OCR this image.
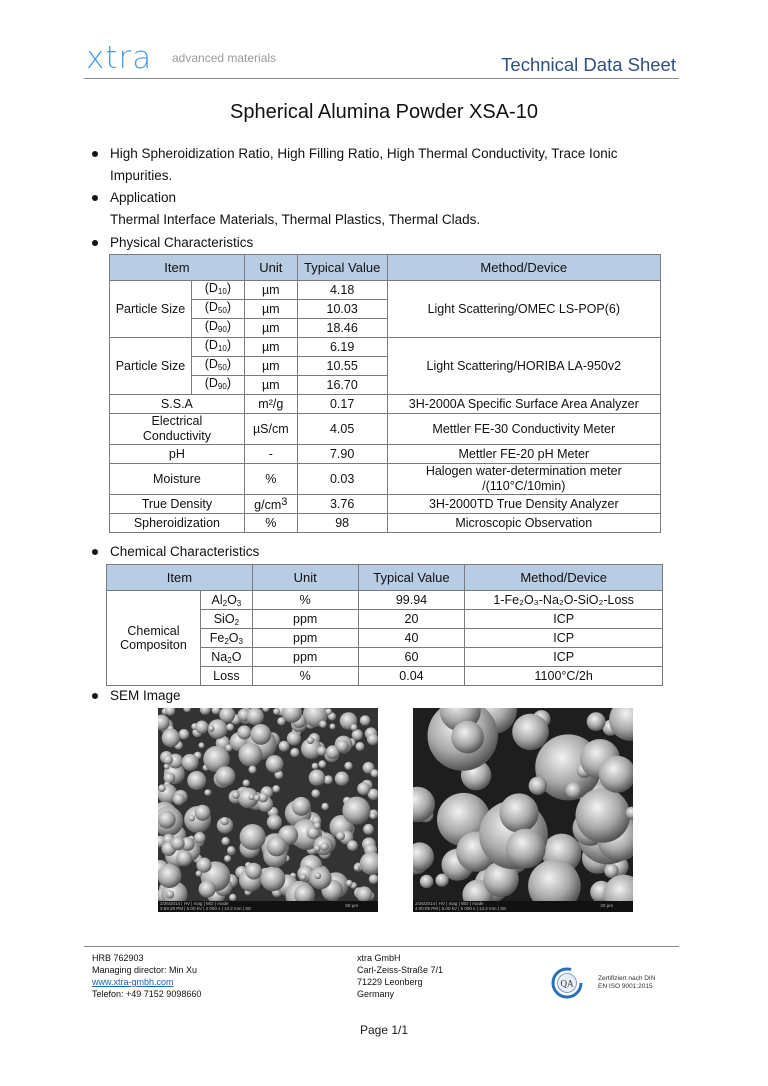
xtra advanced materials	Technical Data Sheet
Spherical Alumina Powder XSA-10
High Spheroidization Ratio, High Filling Ratio, High Thermal Conductivity, Trace Ionic
Impurities.
Application
Thermal Interface Materials, Thermal Plastics, Thermal Clads.
Physical Characteristics
Item		Unit	Typical Value	Method/Device
Particle Size	$(D_{10})$	µm	4.18	Light Scattering/OMEC LS-POP(6)
	$(D_{50})$	µm	10.03	
	$(D_{90})$	µm	18.46	
Particle Size	$(D_{10})$	µm	6.19	Light Scattering/HORIBA LA-950v2
	$(D_{50})$	µm	10.55	
	$(D_{90})$	µm	16.70	
S.S.A		m²/g	0.17	3H-2000A Specific Surface Area Analyzer

Electrical
Conductivity		µS/cm	4.05	Mettler FE-30 Conductivity Meter
pH		-	7.90	Mettler FE-20 pH Meter
Moisture		%	0.03	Halogen water-determination meter
/(110°C/10min)

True Density		g/cm3	3.76	3H-2000TD True Density Analyzer
Spheroidization		%	98	Microscopic Observation
Chemical Characteristics
Item		Unit	Typical Value	Method/Device

Chemical
Compositon	$Al_2O_3$	%	99.94	1-Fe₂O₃-Na₂O-SiO₂-Loss
	SiO$_2$	ppm	20	ICP
	$Fe_2O_3$	ppm	40	ICP
	$Na_2O$	ppm	60	ICP
	Loss	%	0.04	1100°C/2h
SEM Image
2/26/2014 | HV | mag | WD | mode
3:59:29 PM | 5.00 kV | 2 000 x | 13.2 mm | SE
50 µm	2/26/2014 | HV | mag | WD | mode
4:00:05 PM | 5.00 kV | 5 000 x | 13.2 mm | SE
20 µm
HRB 762903
Managing director: Min Xu
www.xtra-gmbh.com
Telefon: +49 7152 9098660
xtra GmbH
Carl-Zeiss-Straße 7/1
71229 Leonberg
Germany
QA	Zertifiziert nach DIN
EN ISO 9001:2015
Page 1/1
